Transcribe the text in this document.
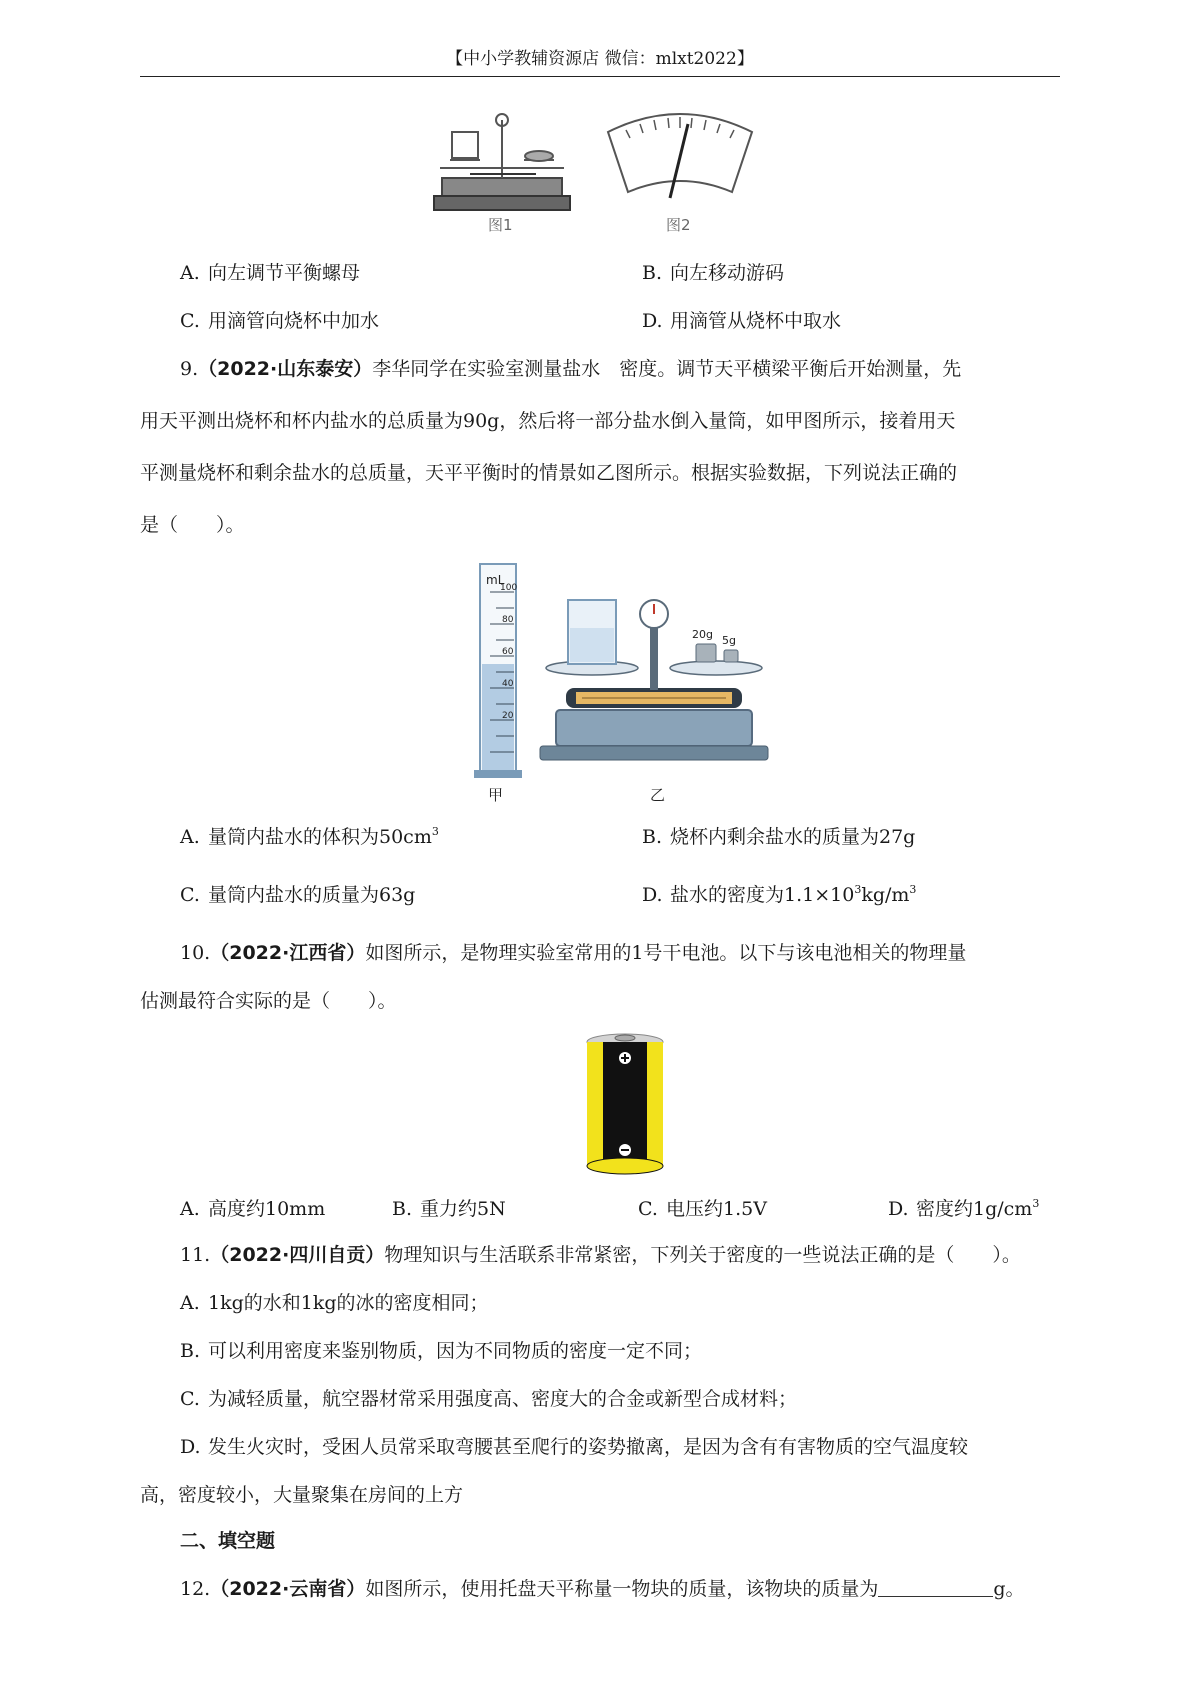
【中小学教辅资源店 微信：mlxt2022】
图1	图2
A. 向左调节平衡螺母	B. 向左移动游码
C. 用滴管向烧杯中加水	D. 用滴管从烧杯中取水
9.（2022·山东泰安）李华同学在实验室测量盐水　密度。调节天平横梁平衡后开始测量，先
用天平测出烧杯和杯内盐水的总质量为90g，然后将一部分盐水倒入量筒，如甲图所示，接着用天
平测量烧杯和剩余盐水的总质量，天平平衡时的情景如乙图所示。根据实验数据，下列说法正确的
是（　　）。
mL
100
80
60
40
20
甲
20g 5g
乙
A. 量筒内盐水的体积为$50cm^3$	B. 烧杯内剩余盐水的质量为27g
C. 量筒内盐水的质量为63g	D. 盐水的密度为$1.1\times 10^3kg/m^3$
10.（2022·江西省）如图所示，是物理实验室常用的1号干电池。以下与该电池相关的物理量
估测最符合实际的是（　　）。
A. 高度约10mm	B. 重力约5N	C. 电压约1.5V	D. 密度约$1g/cm^3$
11.（2022·四川自贡）物理知识与生活联系非常紧密，下列关于密度的一些说法正确的是（　　）。
A. 1kg的水和1kg的冰的密度相同；
B. 可以利用密度来鉴别物质，因为不同物质的密度一定不同；
C. 为减轻质量，航空器材常采用强度高、密度大的合金或新型合成材料；
D. 发生火灾时，受困人员常采取弯腰甚至爬行的姿势撤离，是因为含有有害物质的空气温度较
高，密度较小，大量聚集在房间的上方
二、填空题
12.（2022·云南省）如图所示，使用托盘天平称量一物块的质量，该物块的质量为	g。
